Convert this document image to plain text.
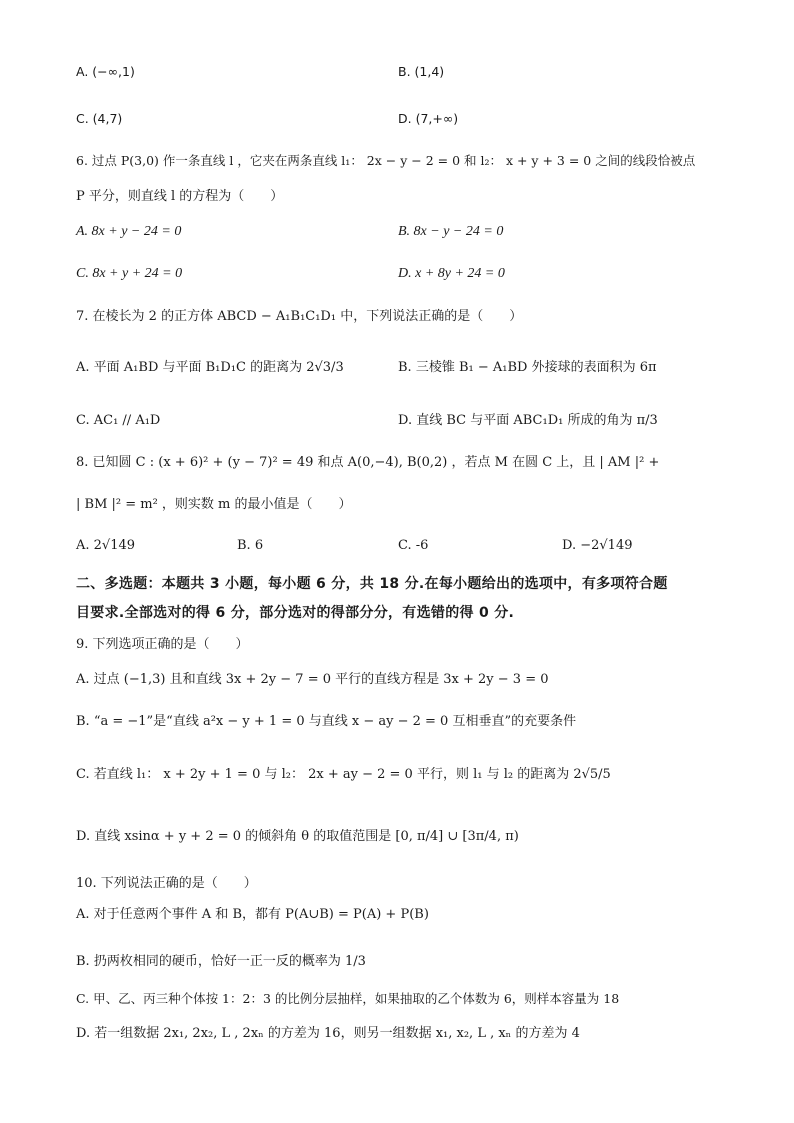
A. (−∞,1)	B. (1,4)
C. (4,7)	D. (7,+∞)
6. 过点 P(3,0) 作一条直线 l ，它夹在两条直线 l₁： 2x − y − 2 = 0 和 l₂： x + y + 3 = 0 之间的线段恰被点
P 平分，则直线 l 的方程为（　　）
A. 8x + y − 24 = 0	B. 8x − y − 24 = 0
C. 8x + y + 24 = 0	D. x + 8y + 24 = 0
7. 在棱长为 2 的正方体 ABCD − A₁B₁C₁D₁ 中，下列说法正确的是（　　）
A. 平面 A₁BD 与平面 B₁D₁C 的距离为 2√3/3	B. 三棱锥 B₁ − A₁BD 外接球的表面积为 6π
C. AC₁ // A₁D	D. 直线 BC 与平面 ABC₁D₁ 所成的角为 π/3
8. 已知圆 C : (x + 6)² + (y − 7)² = 49 和点 A(0,−4), B(0,2) ，若点 M 在圆 C 上，且 | AM |² +
| BM |² = m² ，则实数 m 的最小值是（　　）
A. 2√149	B. 6	C. -6	D. −2√149
二、多选题：本题共 3 小题，每小题 6 分，共 18 分.在每小题给出的选项中，有多项符合题
目要求.全部选对的得 6 分，部分选对的得部分分，有选错的得 0 分.
9. 下列选项正确的是（　　）
A. 过点 (−1,3) 且和直线 3x + 2y − 7 = 0 平行的直线方程是 3x + 2y − 3 = 0
B. “a = −1”是“直线 a²x − y + 1 = 0 与直线 x − ay − 2 = 0 互相垂直”的充要条件
C. 若直线 l₁： x + 2y + 1 = 0 与 l₂： 2x + ay − 2 = 0 平行，则 l₁ 与 l₂ 的距离为 2√5/5
D. 直线 xsinα + y + 2 = 0 的倾斜角 θ 的取值范围是 [0, π/4] ∪ [3π/4, π)
10. 下列说法正确的是（　　）
A. 对于任意两个事件 A 和 B，都有 P(A∪B) = P(A) + P(B)
B. 扔两枚相同的硬币，恰好一正一反的概率为 1/3
C. 甲、乙、丙三种个体按 1：2：3 的比例分层抽样，如果抽取的乙个体数为 6，则样本容量为 18
D. 若一组数据 2x₁, 2x₂, L , 2xₙ 的方差为 16，则另一组数据 x₁, x₂, L , xₙ 的方差为 4
